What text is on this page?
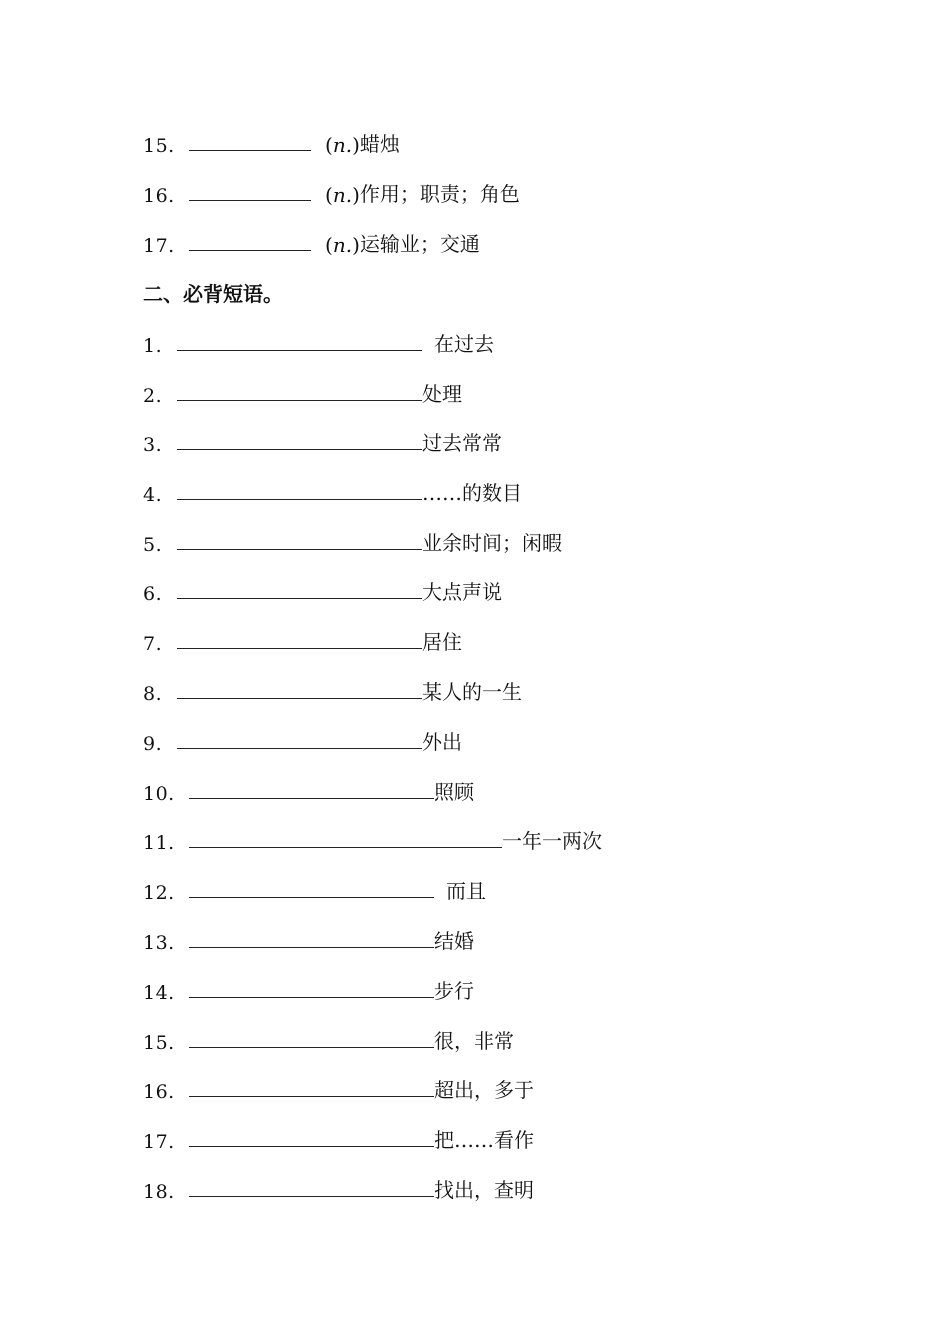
15.	(n.) 蜡烛
16.	(n.) 作用；职责；角色
17.	(n.) 运输业；交通
二、必背短语。
1.	在过去
2.	处理
3.	过去常常
4.	……的数目
5.	业余时间；闲暇
6.	大点声说
7.	居住
8.	某人的一生
9.	外出
10.	照顾
11.	一年一两次
12.	而且
13.	结婚
14.	步行
15.	很，非常
16.	超出，多于
17.	把……看作
18.	找出，查明
